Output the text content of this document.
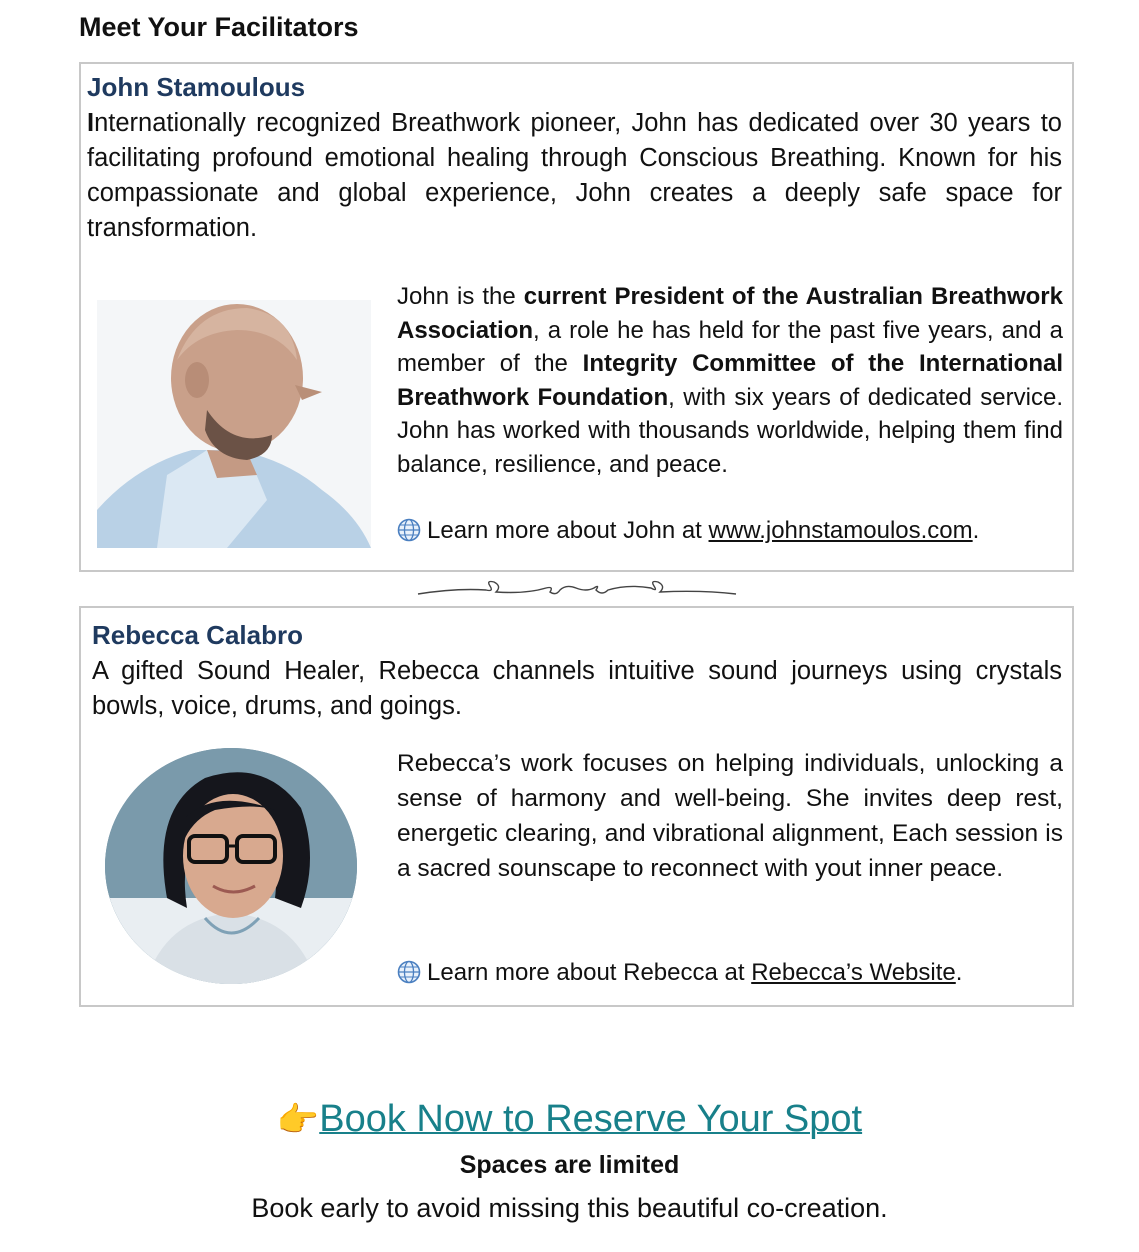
Meet Your Facilitators
John Stamoulous
Internationally recognized Breathwork pioneer, John has dedicated over 30 years to facilitating profound emotional healing through Conscious Breathing. Known for his compassionate and global experience, John creates a deeply safe space for transformation.
John is the current President of the Australian Breathwork Association, a role he has held for the past five years, and a member of the Integrity Committee of the International Breathwork Foundation, with six years of dedicated service. John has worked with thousands worldwide, helping them find balance, resilience, and peace.
Learn more about John at www.johnstamoulos.com.
Rebecca Calabro
A gifted Sound Healer, Rebecca channels intuitive sound journeys using crystals bowls, voice, drums, and goings.
Rebecca’s work focuses on helping individuals, unlocking a sense of harmony and well-being. She invites deep rest, energetic clearing, and vibrational alignment, Each session is a sacred sounscape to reconnect with yout inner peace.
Learn more about Rebecca at Rebecca’s Website.
👉Book Now to Reserve Your Spot
Spaces are limited
Book early to avoid missing this beautiful co-creation.
